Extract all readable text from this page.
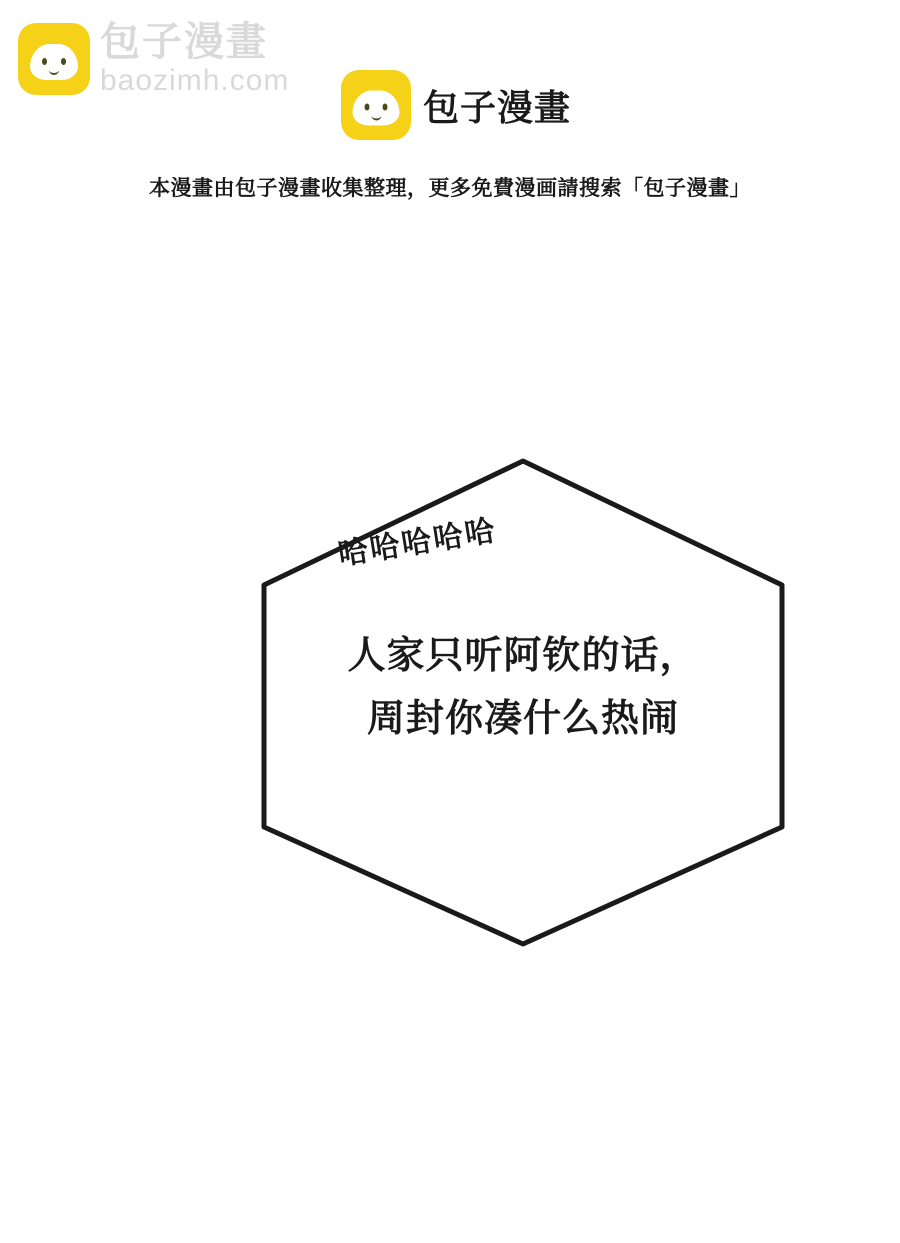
包子漫畫
baozimh.com
包子漫畫
本漫畫由包子漫畫收集整理，更多免費漫画請搜索「包子漫畫」
哈哈哈哈哈
人家只听阿钦的话，
周封你凑什么热闹
